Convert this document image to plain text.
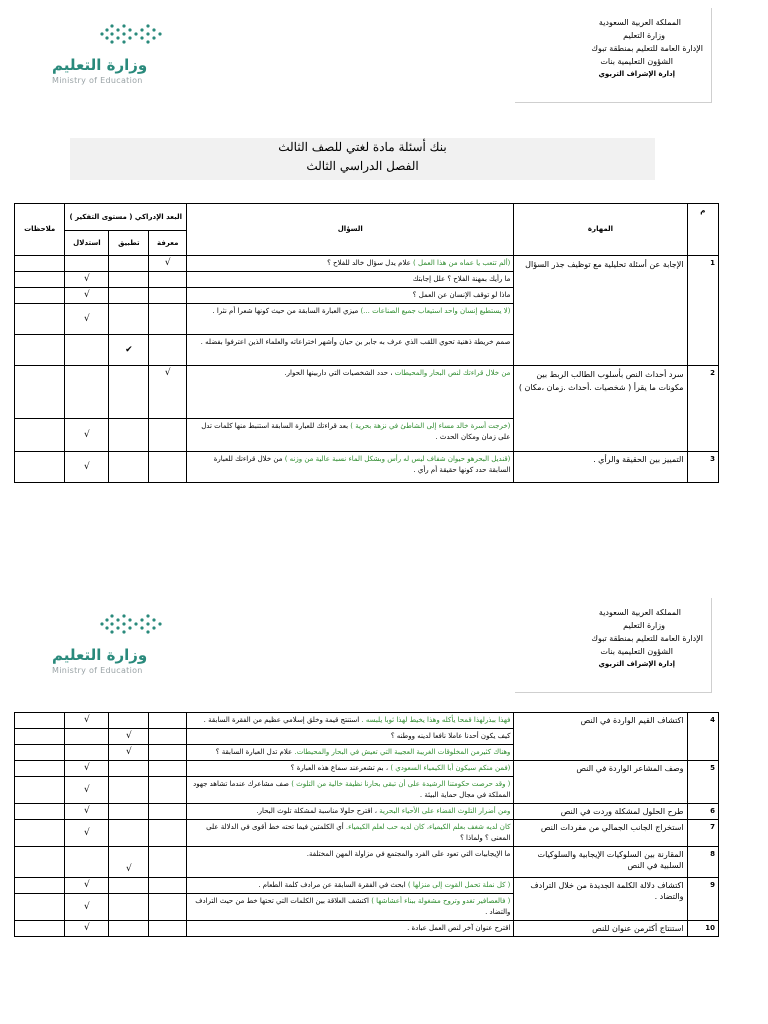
وزارة التعليم
Ministry of Education
المملكة العربية السعودية
وزارة التعليم
الإدارة العامة للتعليم بمنطقة تبوك
الشؤون التعليمية بنات
إدارة الإشراف التربوي
بنك أسئلة مادة لغتي للصف الثالث
الفصل الدراسي الثالث
م	المهارة	السؤال	البعد الإدراكي ( مستوى التفكير )			ملاحظات
			معرفة	تطبيق	استدلال	
1	الإجابة عن أسئلة تحليلية مع توظيف جذر السؤال	(ألم تتعب يا عماه من هذا العمل ) علام يدل سؤال خالد للفلاح ؟	√			
		ما رأيك بمهنة الفلاح ؟ علل إجابتك			√	
		ماذا لو توقف الإنسان عن العمل ؟			√	
		(لا يستطيع إنسان واحد استيعاب جميع الصناعات ...) ميزي العبارة السابقة من حيث كونها شعرا أم نثرا .			√	
		صمم خريطة ذهنية تحوي اللقب الذي عرف به جابر بن حيان وأشهر اختراعاته والعلماء الذين اعترفوا بفضله .		✔		
2	سرد أحداث النص بأسلوب الطالب الربط بين مكونات ما يقرأ ( شخصيات .أحداث .زمان ،مكان )	من خلال قراءتك لنص البحار والمحيطات ، حدد الشخصيات التي داربينها الحوار.	√			
		(خرجت أسرة خالد مساء إلى الشاطئ في نزهة بحرية ) بعد قراءتك للعبارة السابقة استنبط منها كلمات تدل على زمان ومكان الحدث .			√	
3	التمييز بين الحقيقة والرأي .	(قنديل البحرهو حيوان شفاف ليس له رأس وبشكل الماء نسبة عالية من وزنه ) من خلال قراءتك للعبارة السابقة حدد كونها حقيقة أم رأي .			√	
وزارة التعليم
Ministry of Education
المملكة العربية السعودية
وزارة التعليم
الإدارة العامة للتعليم بمنطقة تبوك
الشؤون التعليمية بنات
إدارة الإشراف التربوي
4	اكتشاف القيم الواردة في النص	فهذا ببذرلهذا قمحا يأكله وهذا يخيط لهذا ثوبا يلبسه . استنتج قيمة وخلق إسلامي عظيم من الفقرة السابقة .			√	
		كيف يكون أحدنا عاملا نافعا لدينه ووطنه ؟		√		
		وهناك كثيرمن المخلوقات الغريبة العجيبة التي تعيش في البحار والمحيطات. علام تدل العبارة السابقة ؟		√		
5	وصف المشاعر الواردة في النص	(فمن منكم سيكون أبا الكيمياء السعودي ) ، بم تشعرعند سماع هذه العبارة ؟			√	
		( وقد حرصت حكومتنا الرشيدة على أن تبقى بحارنا نظيفة خالية من التلوث ) صف مشاعرك عندما تشاهد جهود المملكة في مجال حماية البيئة .			√	
6	طرح الحلول لمشكلة وردت في النص	ومن أضرار التلوث القضاء على الأحياء البحرية ، اقترح حلولا مناسبة لمشكلة تلوث البحار.			√	
7	استخراج الجانب الجمالي من مفردات النص	كان لديه شغف بعلم الكيمياء، كان لديه حب لعلم الكيمياء. أي الكلمتين فيما تحته خط أقوى في الدلالة على المعنى ؟ ولماذا ؟			√	
8	المقارنة بين السلوكيات الإيجابية والسلوكيات السلبية في النص	ما الإيجابيات التي تعود على الفرد والمجتمع في مزاولة المهن المختلفة.		√		
9	اكتشاف دلالة الكلمة الجديدة من خلال الترادف والتضاد .	( كل نملة تحمل القوت إلى منزلها ) ابحث في الفقرة السابقة عن مرادف كلمة الطعام .			√	
		( فالعصافير تغدو وتروح مشغولة ببناء أعشاشها ) اكتشف العلاقة بين الكلمات التي تحتها خط من حيث الترادف والتضاد .			√	
10	استنتاج أكثرمن عنوان للنص	اقترح عنوان آخر لنص العمل عبادة .			√	
